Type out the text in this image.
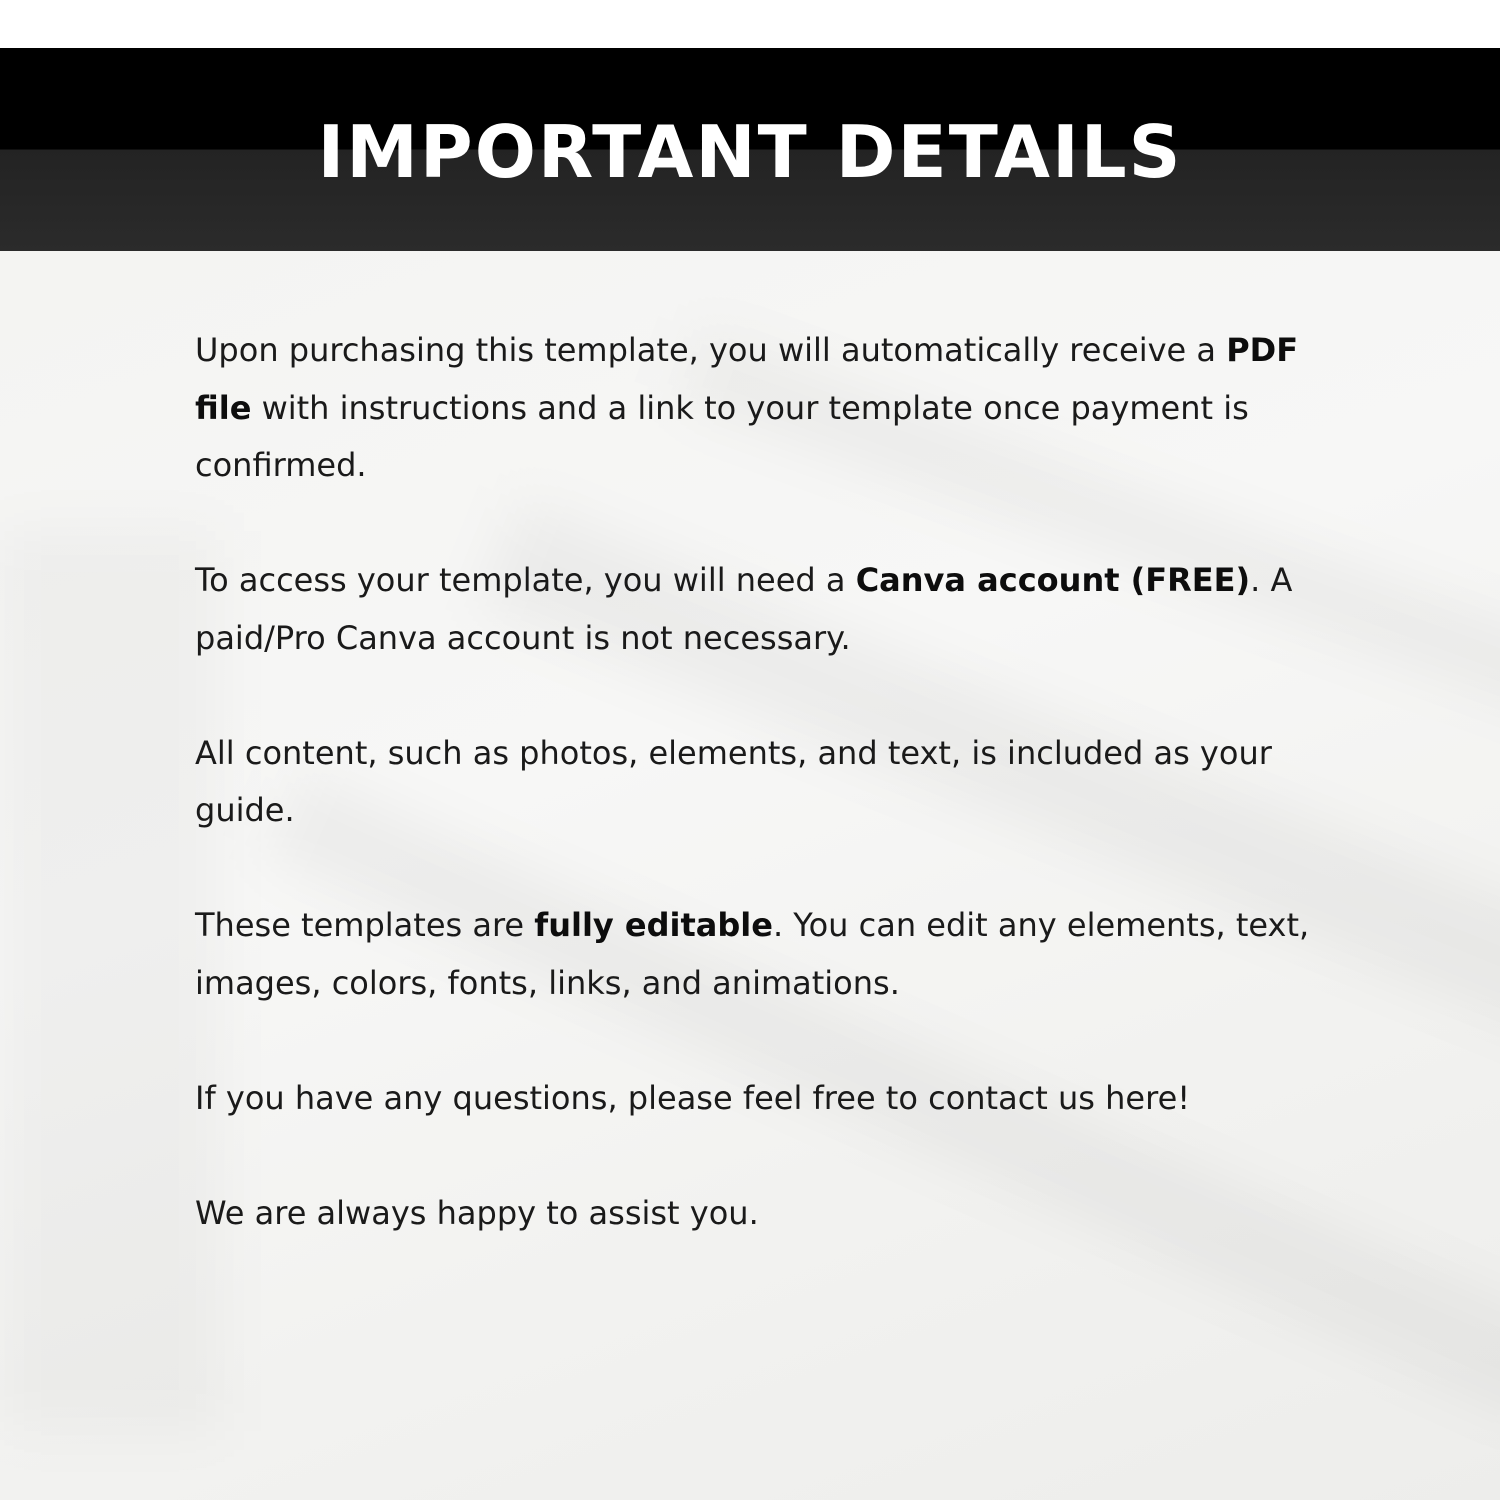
IMPORTANT DETAILS

Upon purchasing this template, you will automatically receive a PDF file with instructions and a link to your template once payment is confirmed.

To access your template, you will need a Canva account (FREE). A paid/Pro Canva account is not necessary.

All content, such as photos, elements, and text, is included as your guide.

These templates are fully editable. You can edit any elements, text, images, colors, fonts, links, and animations.

If you have any questions, please feel free to contact us here!

We are always happy to assist you.
